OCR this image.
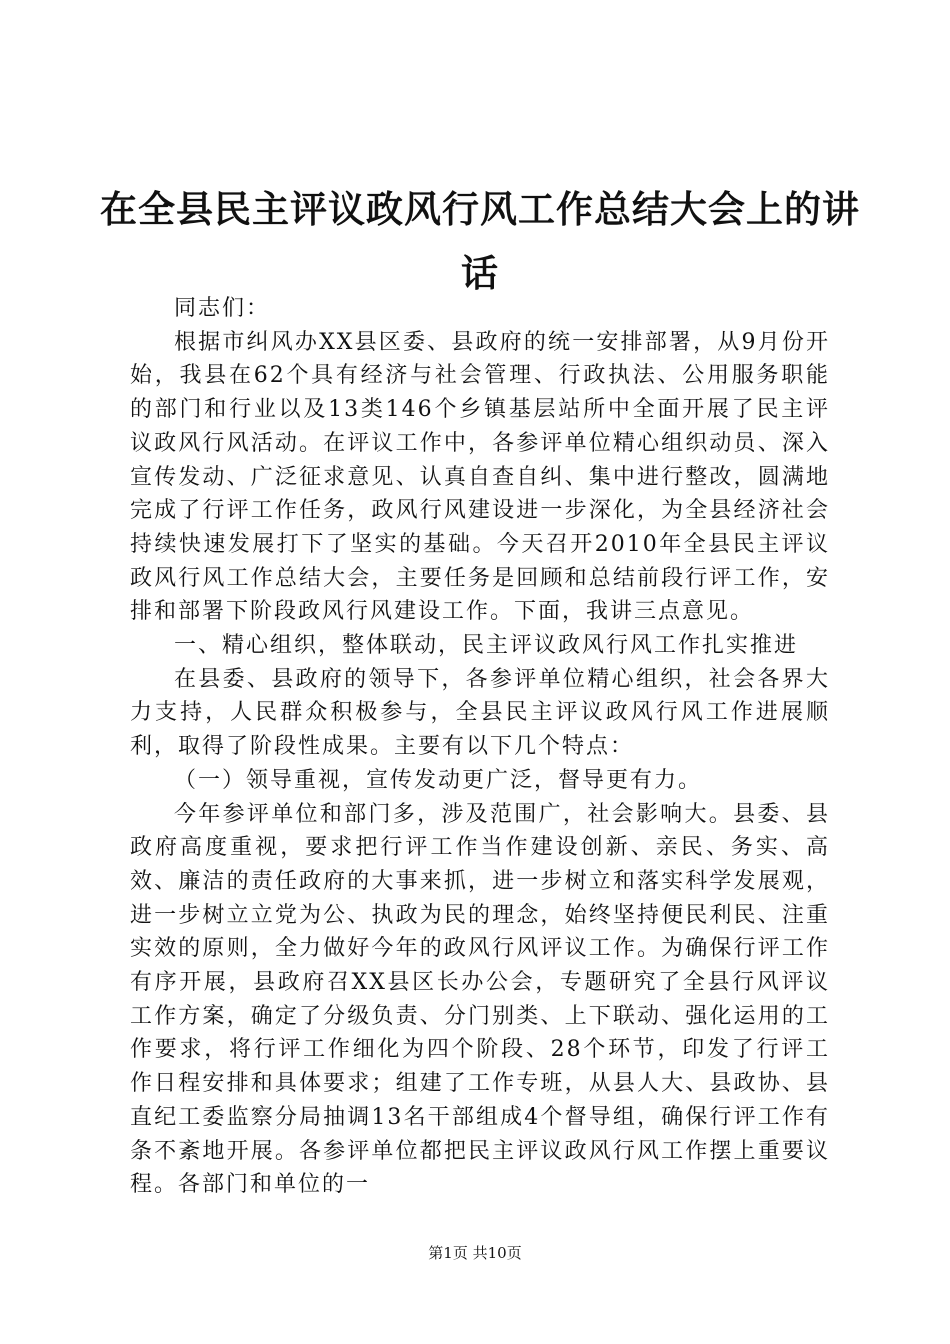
在全县民主评议政风行风工作总结大会上的讲话

同志们：

根据市纠风办XX县区委、县政府的统一安排部署，从9月份开始，我县在62个具有经济与社会管理、行政执法、公用服务职能的部门和行业以及13类146个乡镇基层站所中全面开展了民主评议政风行风活动。在评议工作中，各参评单位精心组织动员、深入宣传发动、广泛征求意见、认真自查自纠、集中进行整改，圆满地完成了行评工作任务，政风行风建设进一步深化，为全县经济社会持续快速发展打下了坚实的基础。今天召开2010年全县民主评议政风行风工作总结大会，主要任务是回顾和总结前段行评工作，安排和部署下阶段政风行风建设工作。下面，我讲三点意见。

一、精心组织，整体联动，民主评议政风行风工作扎实推进

在县委、县政府的领导下，各参评单位精心组织，社会各界大力支持，人民群众积极参与，全县民主评议政风行风工作进展顺利，取得了阶段性成果。主要有以下几个特点：

（一）领导重视，宣传发动更广泛，督导更有力。

今年参评单位和部门多，涉及范围广，社会影响大。县委、县政府高度重视，要求把行评工作当作建设创新、亲民、务实、高效、廉洁的责任政府的大事来抓，进一步树立和落实科学发展观，进一步树立立党为公、执政为民的理念，始终坚持便民利民、注重实效的原则，全力做好今年的政风行风评议工作。为确保行评工作有序开展，县政府召XX县区长办公会，专题研究了全县行风评议工作方案，确定了分级负责、分门别类、上下联动、强化运用的工作要求，将行评工作细化为四个阶段、28个环节，印发了行评工作日程安排和具体要求；组建了工作专班，从县人大、县政协、县直纪工委监察分局抽调13名干部组成4个督导组，确保行评工作有条不紊地开展。各参评单位都把民主评议政风行风工作摆上重要议程。各部门和单位的一

第1页 共10页
